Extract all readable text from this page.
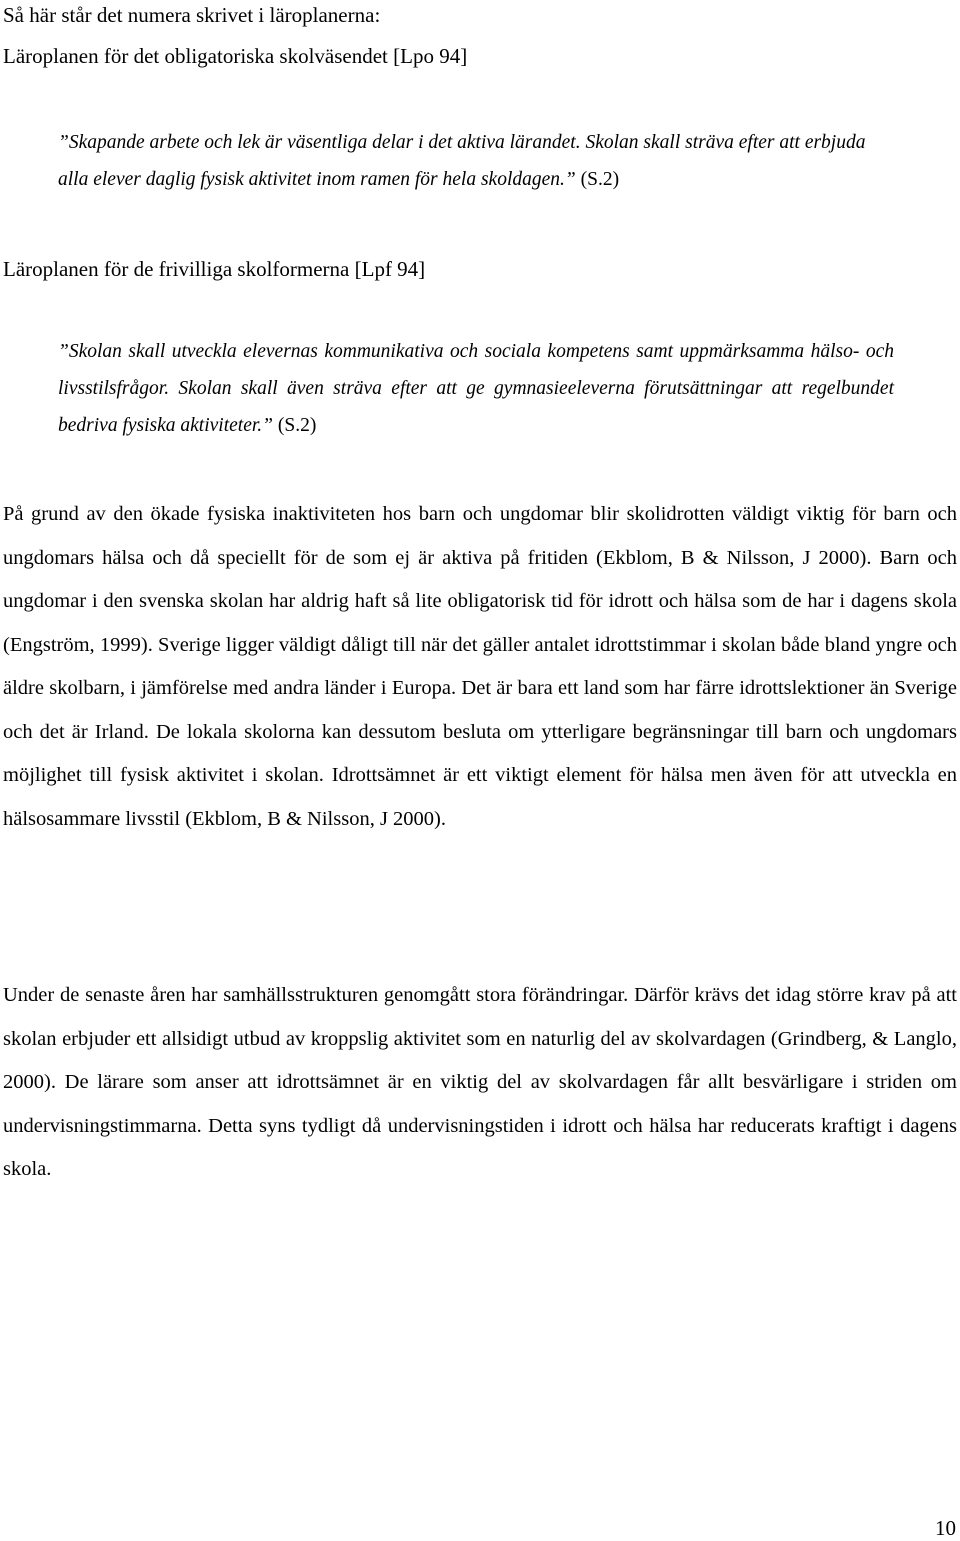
Så här står det numera skrivet i läroplanerna:
Läroplanen för det obligatoriska skolväsendet [Lpo 94]
”Skapande arbete och lek är väsentliga delar i det aktiva lärandet. Skolan skall sträva efter att erbjuda alla elever daglig fysisk aktivitet inom ramen för hela skoldagen.” (S.2)
Läroplanen för de frivilliga skolformerna [Lpf 94]
”Skolan skall utveckla elevernas kommunikativa och sociala kompetens samt uppmärksamma hälso- och livsstilsfrågor. Skolan skall även sträva efter att ge gymnasieeleverna förutsättningar att regelbundet bedriva fysiska aktiviteter.” (S.2)

På grund av den ökade fysiska inaktiviteten hos barn och ungdomar blir skolidrotten väldigt viktig för barn och ungdomars hälsa och då speciellt för de som ej är aktiva på fritiden (Ekblom, B & Nilsson, J 2000). Barn och ungdomar i den svenska skolan har aldrig haft så lite obligatorisk tid för idrott och hälsa som de har i dagens skola (Engström, 1999). Sverige ligger väldigt dåligt till när det gäller antalet idrottstimmar i skolan både bland yngre och äldre skolbarn, i jämförelse med andra länder i Europa. Det är bara ett land som har färre idrottslektioner än Sverige och det är Irland. De lokala skolorna kan dessutom besluta om ytterligare begränsningar till barn och ungdomars möjlighet till fysisk aktivitet i skolan. Idrottsämnet är ett viktigt element för hälsa men även för att utveckla en hälsosammare livsstil (Ekblom, B & Nilsson, J 2000).

Under de senaste åren har samhällsstrukturen genomgått stora förändringar. Därför krävs det idag större krav på att skolan erbjuder ett allsidigt utbud av kroppslig aktivitet som en naturlig del av skolvardagen (Grindberg, & Langlo, 2000). De lärare som anser att idrottsämnet är en viktig del av skolvardagen får allt besvärligare i striden om undervisningstimmarna. Detta syns tydligt då undervisningstiden i idrott och hälsa har reducerats kraftigt i dagens skola.

10
